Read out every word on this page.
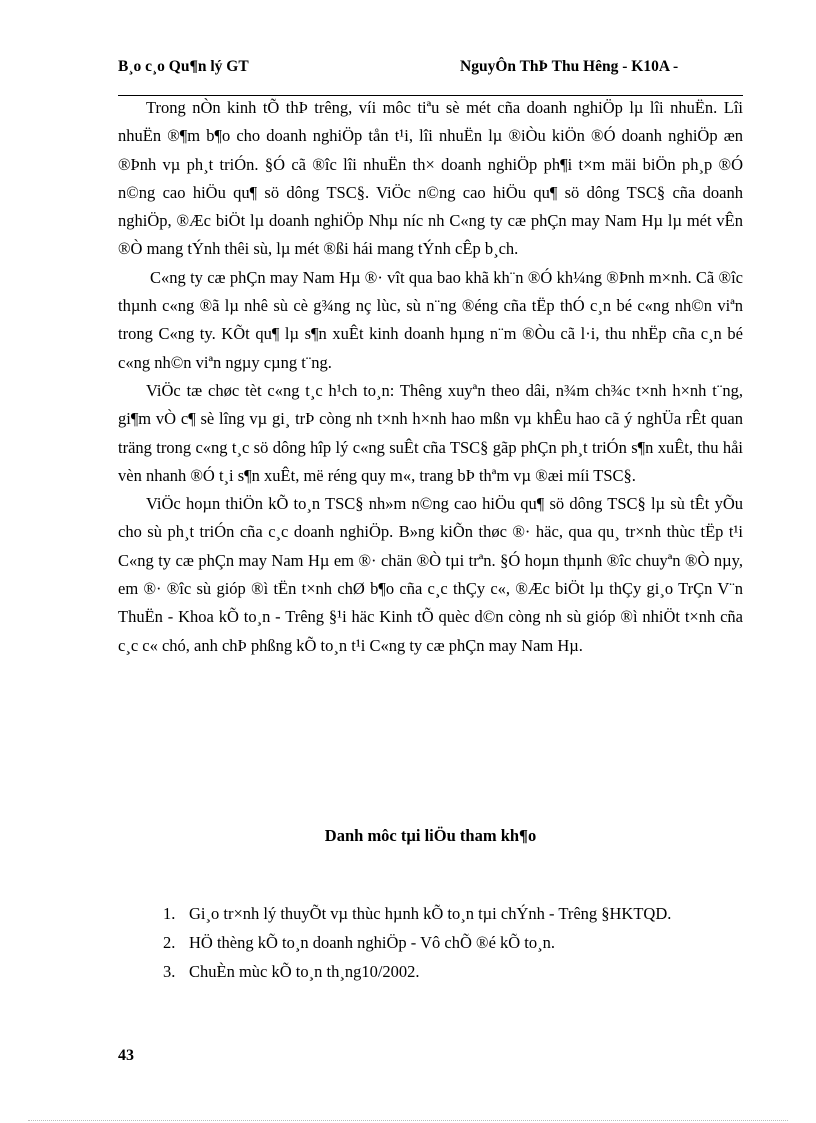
B¸o c¸o Qu¶n lý GT	NguyÔn ThÞ Thu Hêng - K10A -

Trong nÒn kinh tÕ thÞ trêng, víi môc tiªu sè mét cña doanh nghiÖp lµ lîi nhuËn. Lîi nhuËn ®¶m b¶o cho doanh nghiÖp tån t¹i, lîi nhuËn lµ ®iÒu kiÖn ®Ó doanh nghiÖp æn ®Þnh vµ ph¸t triÓn. §Ó cã ®îc lîi nhuËn th× doanh nghiÖp ph¶i t×m mäi biÖn ph¸p ®Ó n©ng cao hiÖu qu¶ sö dông TSC§. ViÖc n©ng cao hiÖu qu¶ sö dông TSC§ cña doanh nghiÖp, ®Æc biÖt lµ doanh nghiÖp Nhµ níc nh C«ng ty cæ phÇn may Nam Hµ lµ mét vÊn ®Ò mang tÝnh thêi sù, lµ mét ®ßi hái mang tÝnh cÊp b¸ch.

C«ng ty cæ phÇn may Nam Hµ ®· vît qua bao khã kh¨n ®Ó kh¼ng ®Þnh m×nh. Cã ®îc thµnh c«ng ®ã lµ nhê sù cè g¾ng nç lùc, sù n¨ng ®éng cña tËp thÓ c¸n bé c«ng nh©n viªn trong C«ng ty. KÕt qu¶ lµ s¶n xuÊt kinh doanh hµng n¨m ®Òu cã l·i, thu nhËp cña c¸n bé c«ng nh©n viªn ngµy cµng t¨ng.

ViÖc tæ chøc tèt c«ng t¸c h¹ch to¸n: Thêng xuyªn theo dâi, n¾m ch¾c t×nh h×nh t¨ng, gi¶m vÒ c¶ sè lîng vµ gi¸ trÞ còng nh t×nh h×nh hao mßn vµ khÊu hao cã ý nghÜa rÊt quan träng trong c«ng t¸c sö dông hîp lý c«ng suÊt cña TSC§ gãp phÇn ph¸t triÓn s¶n xuÊt, thu håi vèn nhanh ®Ó t¸i s¶n xuÊt, më réng quy m«, trang bÞ thªm vµ ®æi míi TSC§.

ViÖc hoµn thiÖn kÕ to¸n TSC§ nh»m n©ng cao hiÖu qu¶ sö dông TSC§ lµ sù tÊt yÕu cho sù ph¸t triÓn cña c¸c doanh nghiÖp. B»ng kiÕn thøc ®· häc, qua qu¸ tr×nh thùc tËp t¹i C«ng ty cæ phÇn may Nam Hµ em ®· chän ®Ò tµi trªn. §Ó hoµn thµnh ®îc chuyªn ®Ò nµy, em ®· ®îc sù gióp ®ì tËn t×nh chØ b¶o cña c¸c thÇy c«, ®Æc biÖt lµ thÇy gi¸o TrÇn V¨n ThuËn - Khoa kÕ to¸n - Trêng §¹i häc Kinh tÕ quèc d©n còng nh sù gióp ®ì nhiÖt t×nh cña c¸c c« chó, anh chÞ phßng kÕ to¸n t¹i C«ng ty cæ phÇn may Nam Hµ.

Danh môc tµi liÖu tham kh¶o
1. Gi¸o tr×nh lý thuyÕt vµ thùc hµnh kÕ to¸n tµi chÝnh - Trêng §HKTQD.
2. HÖ thèng kÕ to¸n doanh nghiÖp - Vô chÕ ®é kÕ to¸n.
3. ChuÈn mùc kÕ to¸n th¸ng10/2002.
43
